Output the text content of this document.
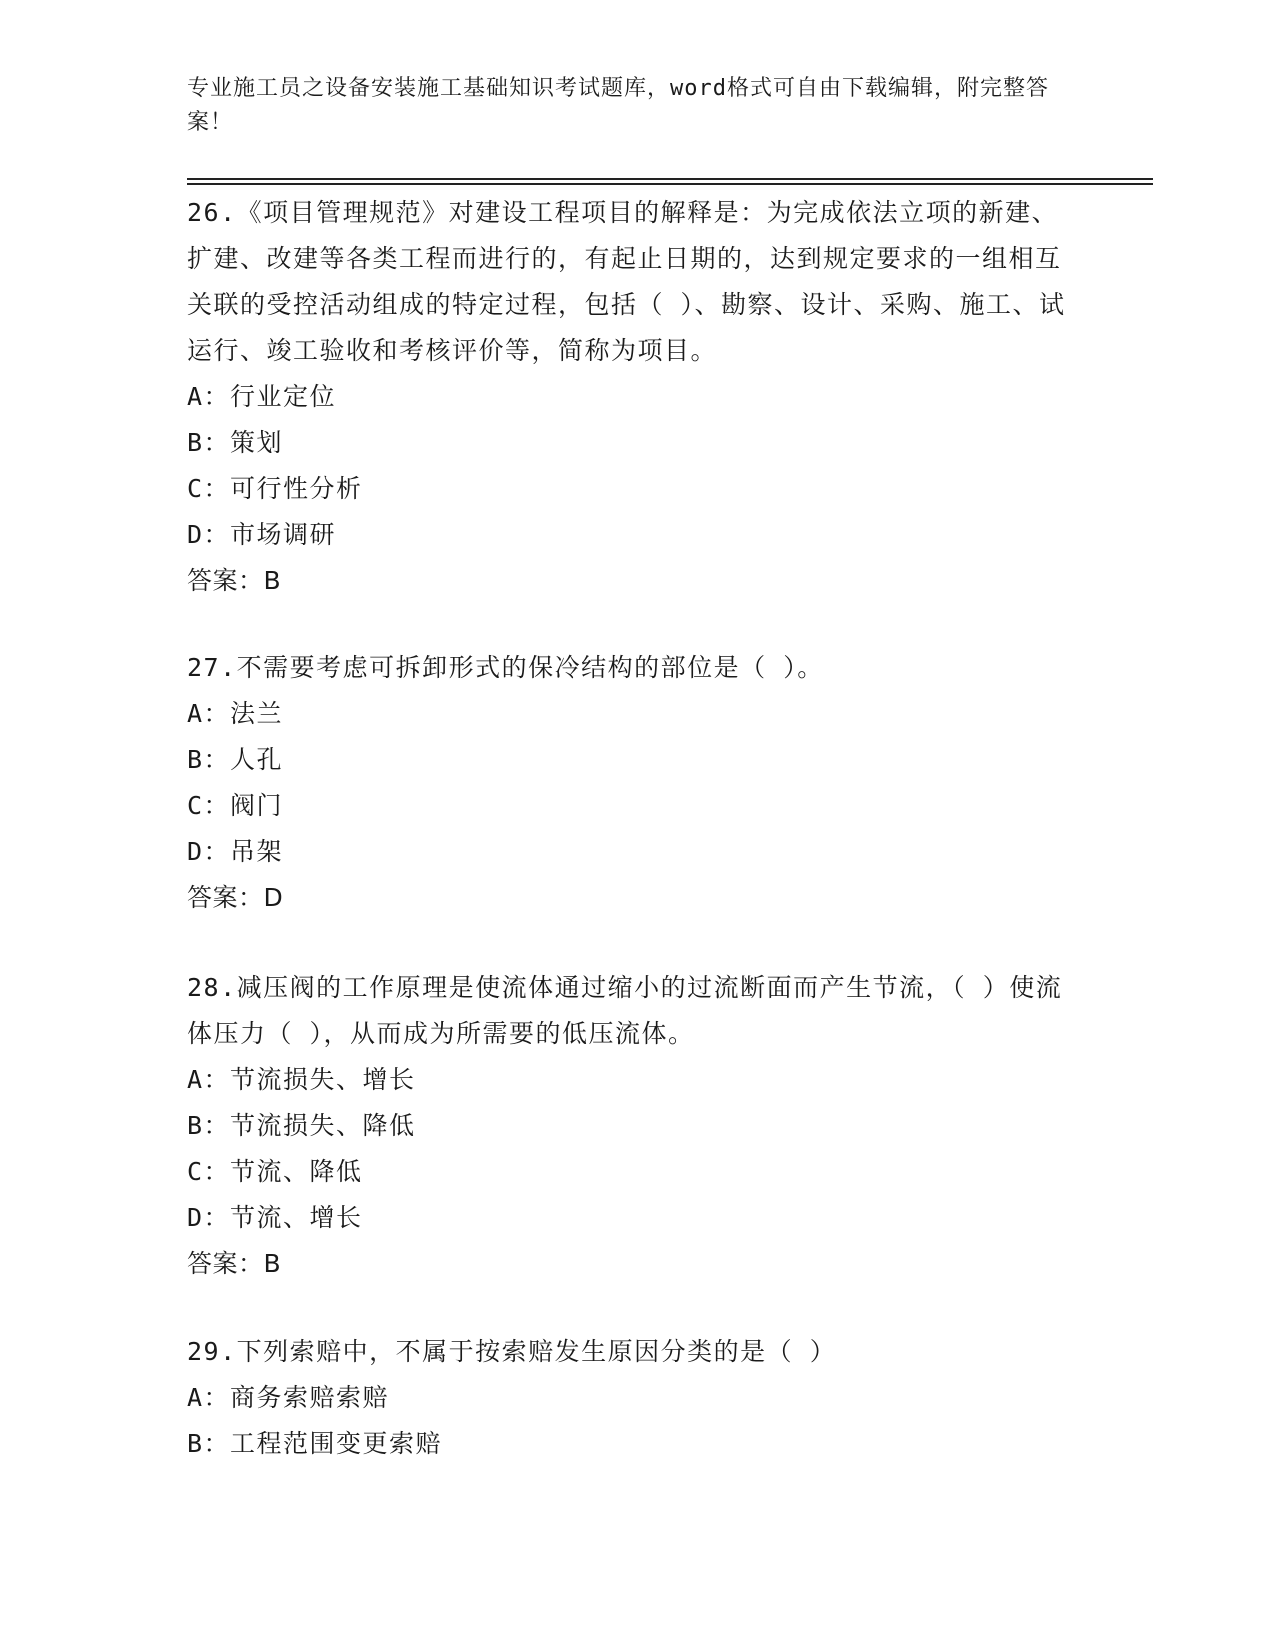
专业施工员之设备安装施工基础知识考试题库，word格式可自由下载编辑，附完整答案！

26.《项目管理规范》对建设工程项目的解释是：为完成依法立项的新建、扩建、改建等各类工程而进行的，有起止日期的，达到规定要求的一组相互关联的受控活动组成的特定过程，包括（ ）、勘察、设计、采购、施工、试运行、竣工验收和考核评价等，简称为项目。

A：行业定位

B：策划

C：可行性分析

D：市场调研

答案：B

27.不需要考虑可拆卸形式的保冷结构的部位是（ ）。

A：法兰

B：人孔

C：阀门

D：吊架

答案：D

28.减压阀的工作原理是使流体通过缩小的过流断面而产生节流，（ ）使流体压力（ ），从而成为所需要的低压流体。

A：节流损失、增长

B：节流损失、降低

C：节流、降低

D：节流、增长

答案：B

29.下列索赔中，不属于按索赔发生原因分类的是（ ）

A：商务索赔索赔

B：工程范围变更索赔
